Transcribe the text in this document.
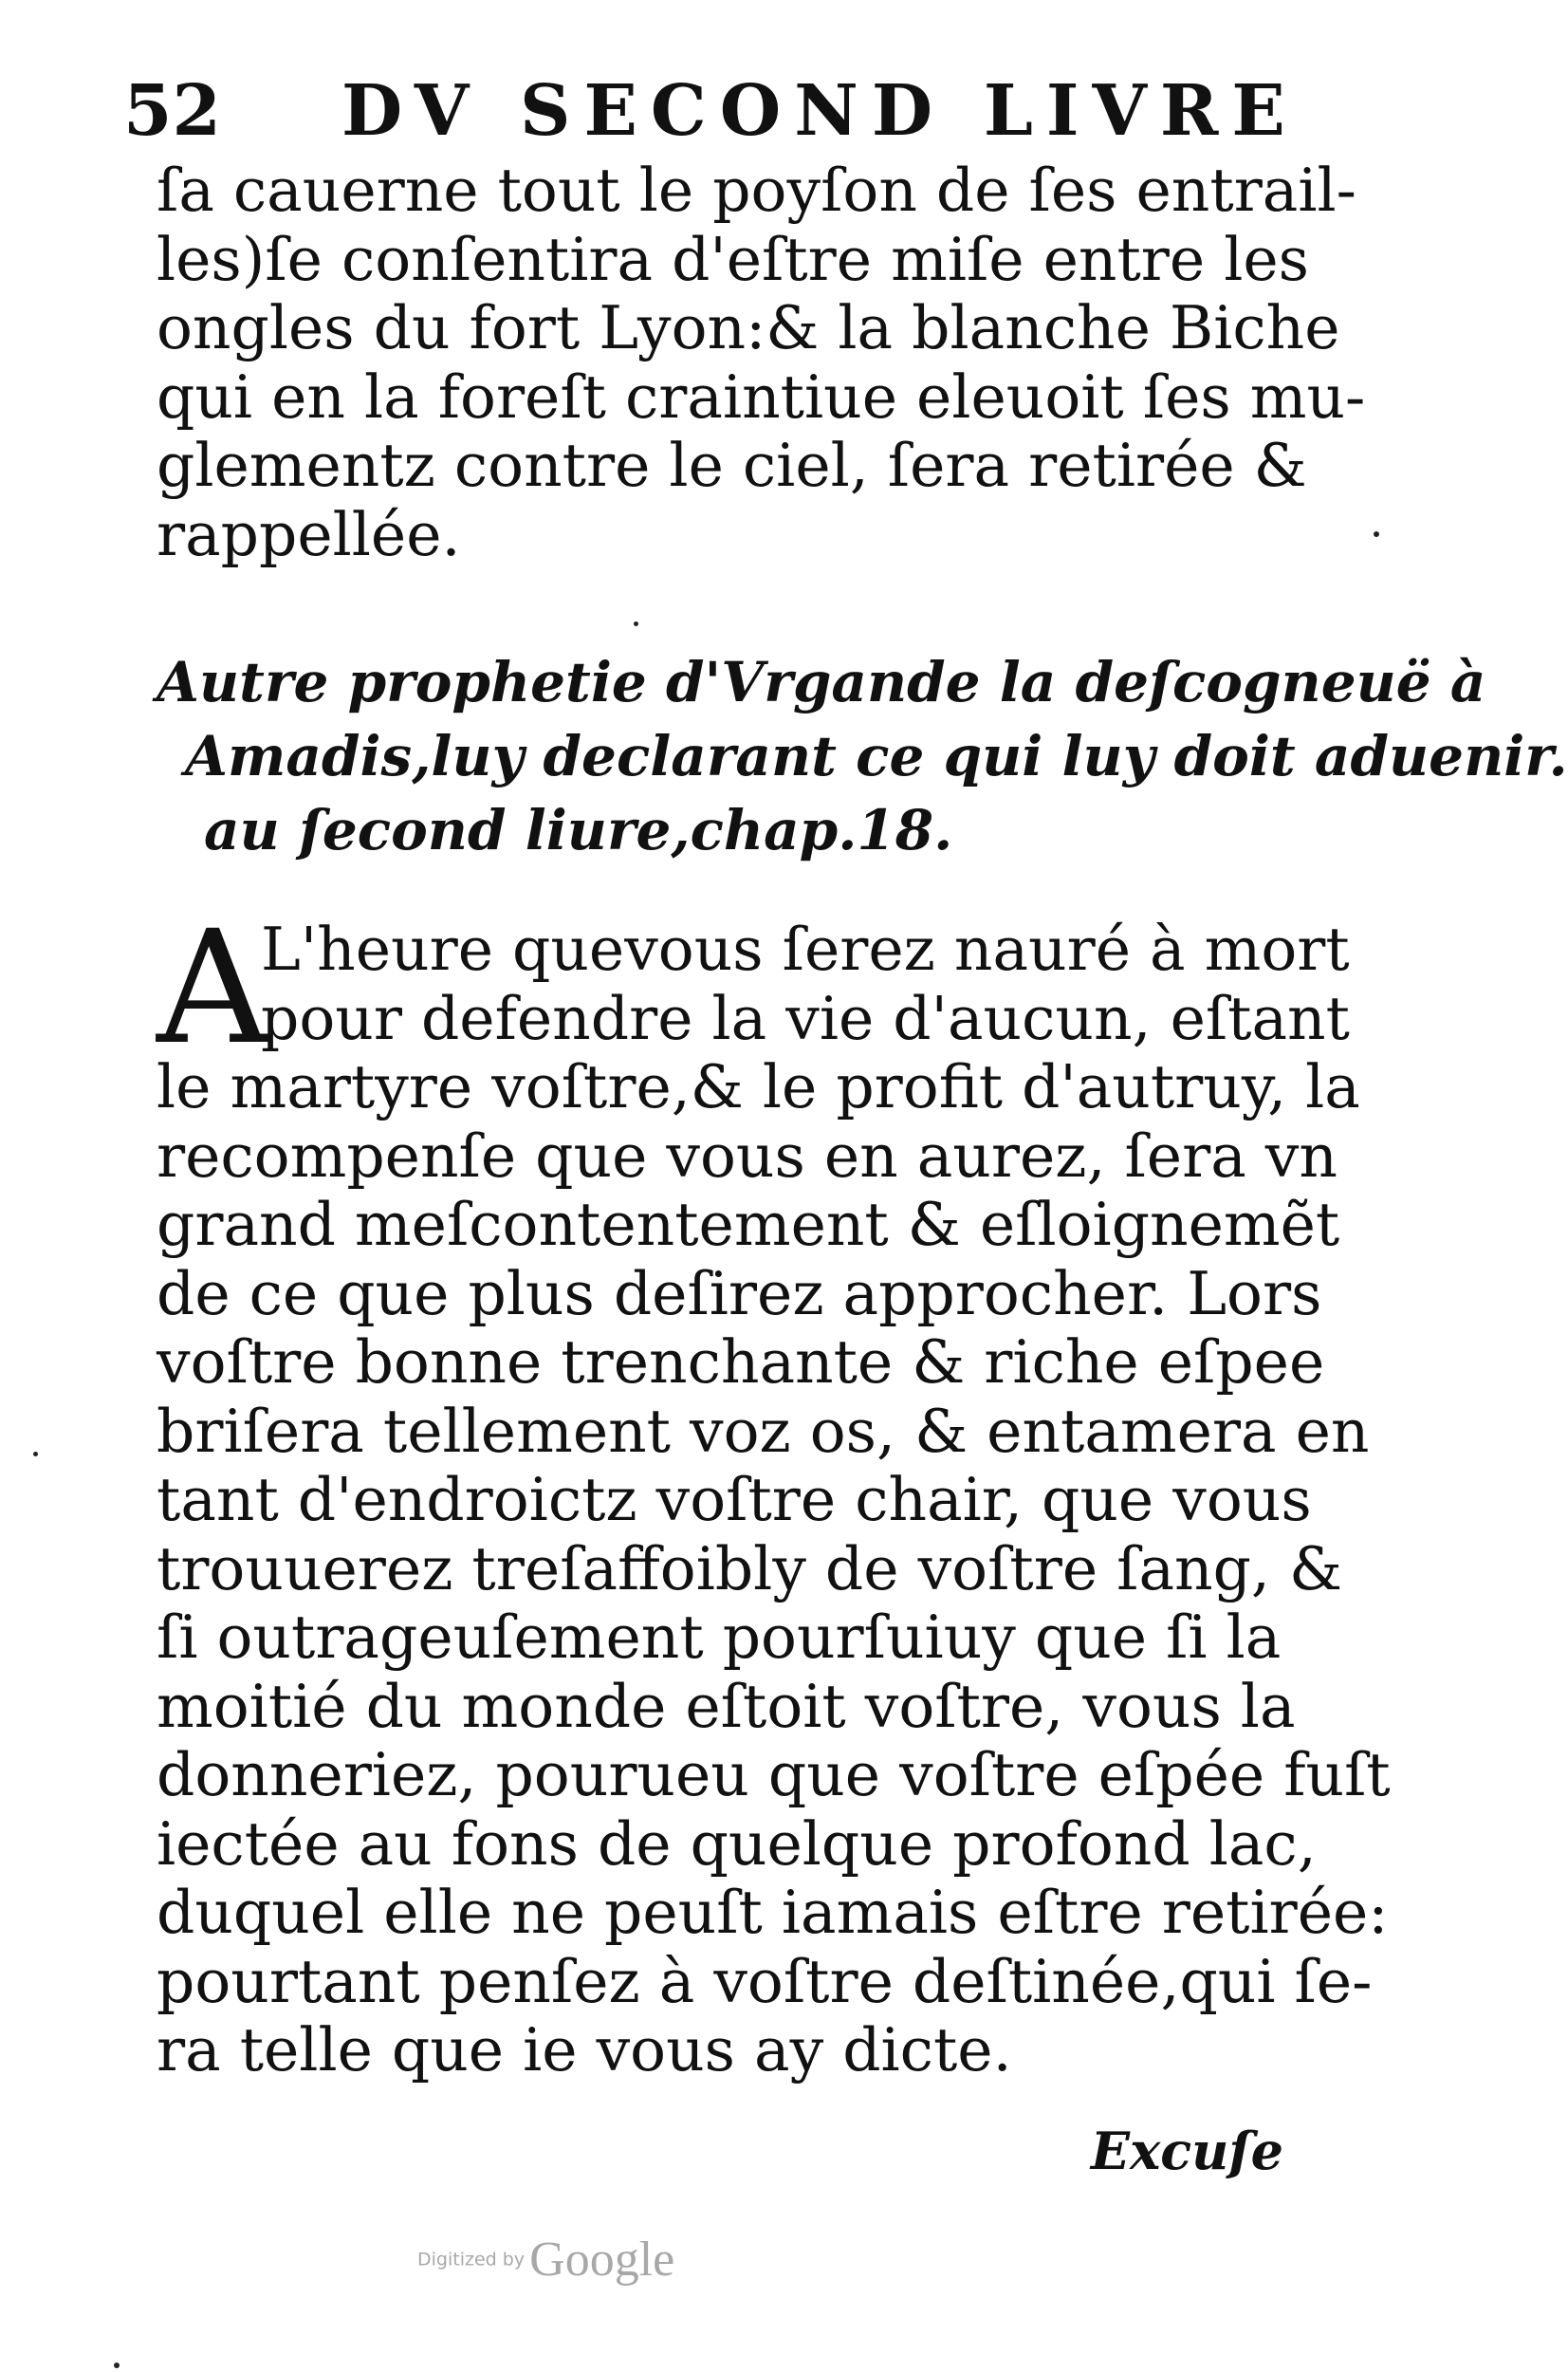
52 DV SECOND LIVRE
ſa cauerne tout le poyſon de ſes entrail-
les)ſe conſentira d'eſtre miſe entre les
ongles du fort Lyon:& la blanche Biche
qui en la foreſt craintiue eleuoit ſes mu-
glementz contre le ciel, ſera retirée &
rappellée.
Autre prophetie d'Vrgande la deſcogneuë à
Amadis,luy declarant ce qui luy doit aduenir.
au ſecond liure,chap.18.
A
L'heure quevous ſerez nauré à mort
pour defendre la vie d'aucun, eſtant
le martyre voſtre,& le profit d'autruy, la
recompenſe que vous en aurez, ſera vn
grand meſcontentement & eſloignemẽt
de ce que plus deſirez approcher. Lors
voſtre bonne trenchante & riche eſpee
briſera tellement voz os, & entamera en
tant d'endroictz voſtre chair, que vous
trouuerez treſaffoibly de voſtre ſang, &
ſi outrageuſement pourſuiuy que ſi la
moitié du monde eſtoit voſtre, vous la
donneriez, pourueu que voſtre eſpée fuſt
iectée au fons de quelque profond lac,
duquel elle ne peuſt iamais eſtre retirée:
pourtant penſez à voſtre deſtinée,qui ſe-
ra telle que ie vous ay dicte.
Excuſe
Digitized by Google
